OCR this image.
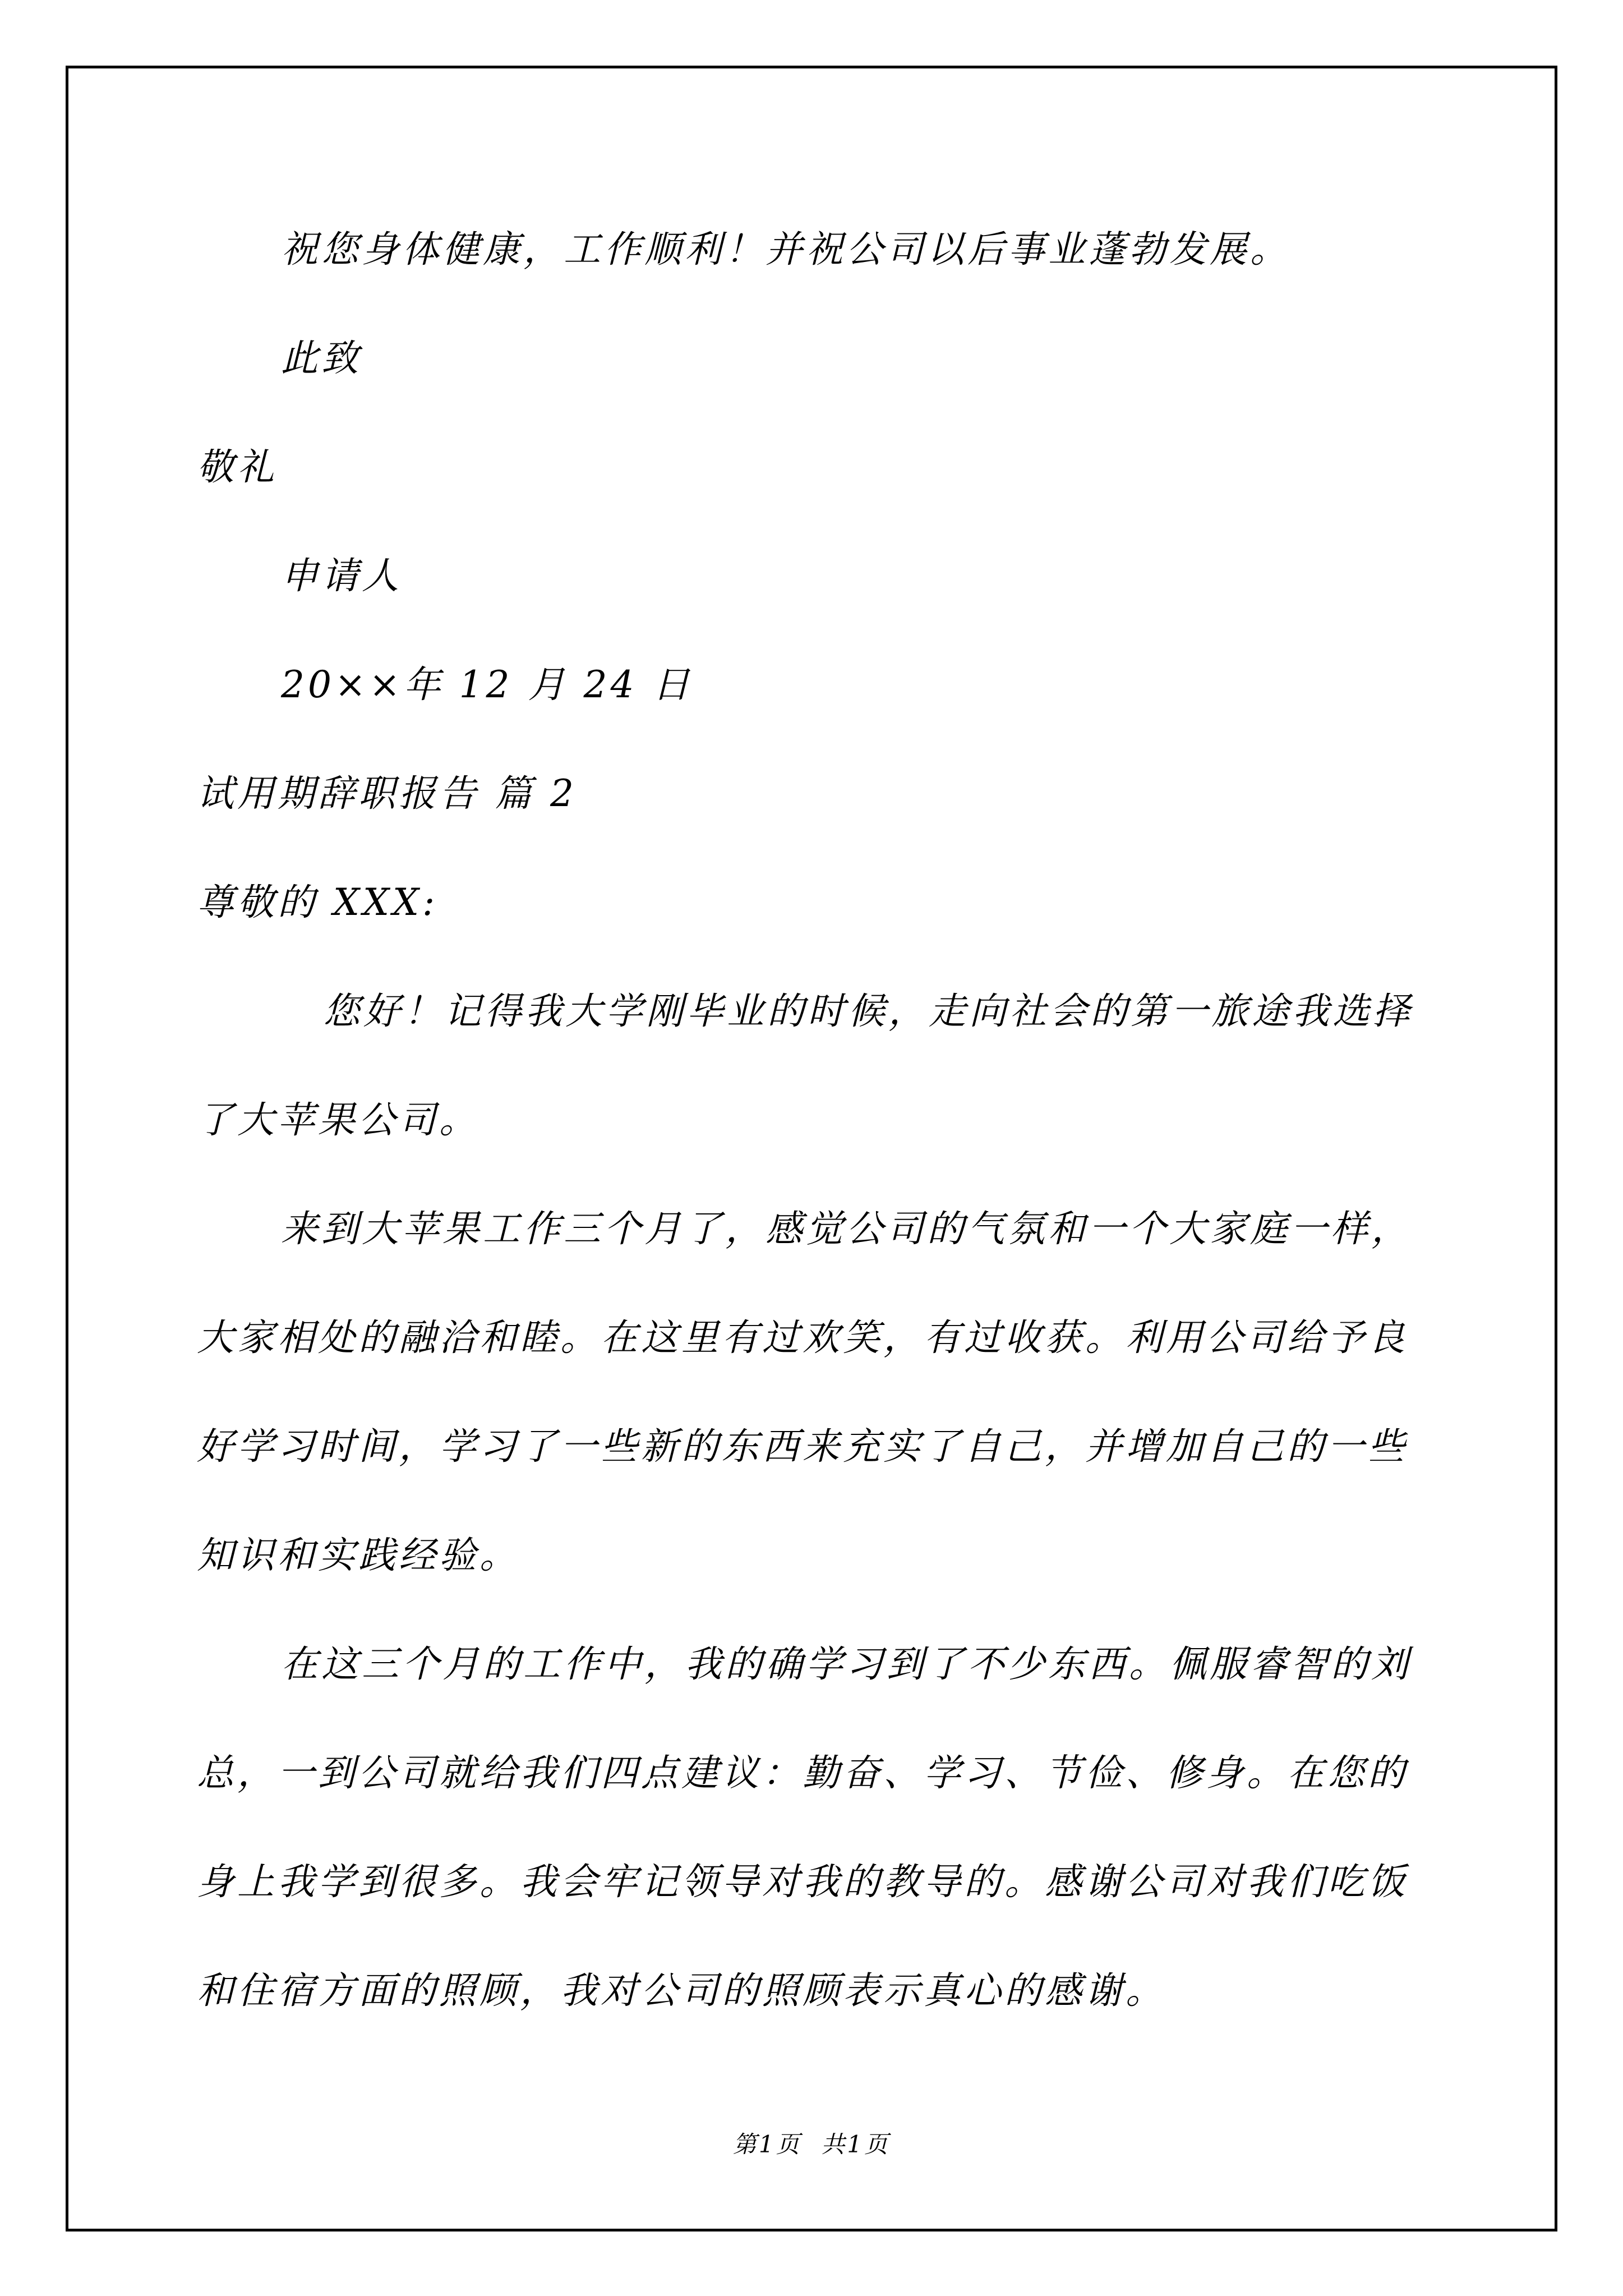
祝您身体健康，工作顺利！并祝公司以后事业蓬勃发展。
此致
敬礼
申请人
20××年 12 月 24 日
试用期辞职报告 篇 2
尊敬的 XXX:
您好！记得我大学刚毕业的时候，走向社会的第一旅途我选择
了大苹果公司。
来到大苹果工作三个月了，感觉公司的气氛和一个大家庭一样，
大家相处的融洽和睦。在这里有过欢笑，有过收获。利用公司给予良
好学习时间，学习了一些新的东西来充实了自己，并增加自己的一些
知识和实践经验。
在这三个月的工作中，我的确学习到了不少东西。佩服睿智的刘
总，一到公司就给我们四点建议：勤奋、学习、节俭、修身。在您的
身上我学到很多。我会牢记领导对我的教导的。感谢公司对我们吃饭
和住宿方面的照顾，我对公司的照顾表示真心的感谢。
第1页  共1页
